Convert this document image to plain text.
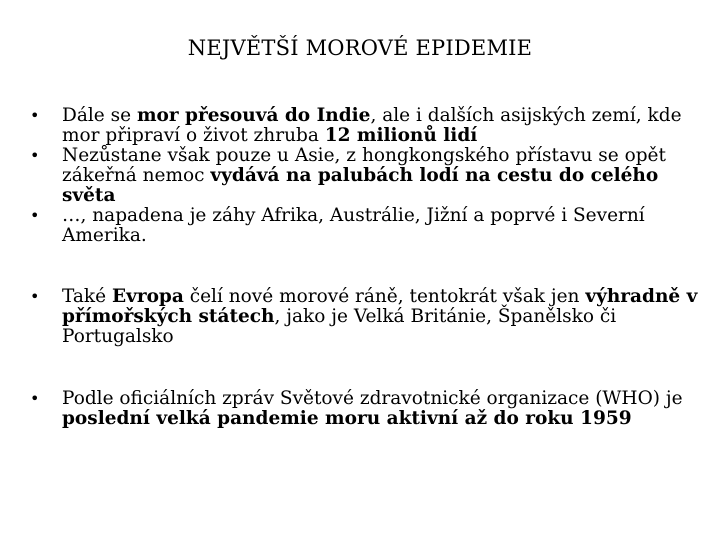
NEJVĚTŠÍ MOROVÉ EPIDEMIE
• Dále se mor přesouvá do Indie, ale i dalších asijských zemí, kde mor připraví o život zhruba 12 milionů lidí
• Nezůstane však pouze u Asie, z hongkongského přístavu se opět zákeřná nemoc vydává na palubách lodí na cestu do celého světa
• …, napadena je záhy Afrika, Austrálie, Jižní a poprvé i Severní Amerika.
• Také Evropa čelí nové morové ráně, tentokrát však jen výhradně v přímořských státech, jako je Velká Británie, Španělsko či Portugalsko
• Podle oficiálních zpráv Světové zdravotnické organizace (WHO) je poslední velká pandemie moru aktivní až do roku 1959
